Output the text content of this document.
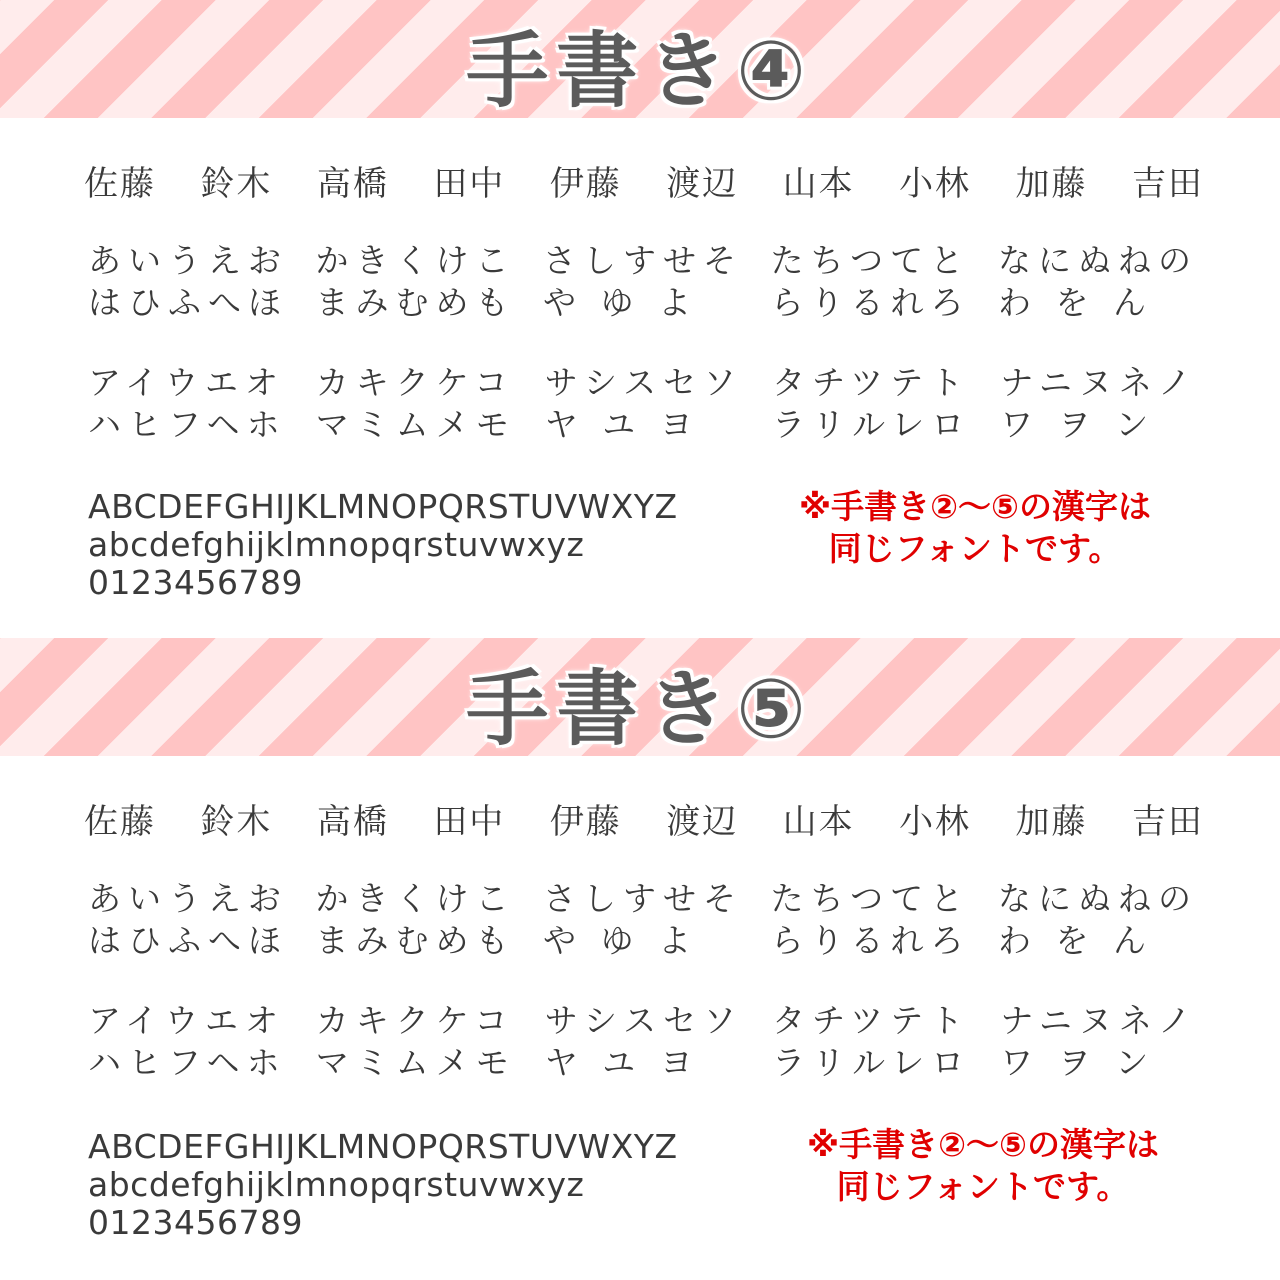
手書き④
佐藤 鈴木 高橋 田中 伊藤 渡辺 山本 小林 加藤 吉田
あいうえお
はひふへほ
かきくけこ
まみむめも
さしすせそ
や ゆ よ
たちつてと
らりるれろ
なにぬねの
わ を ん
アイウエオ
ハヒフヘホ
カキクケコ
マミムメモ
サシスセソ
ヤ ユ ヨ
タチツテト
ラリルレロ
ナニヌネノ
ワ ヲ ン
ABCDEFGHIJKLMNOPQRSTUVWXYZ
abcdefghijklmnopqrstuvwxyz
0123456789
※手書き②～⑤の漢字は
同じフォントです。
手書き⑤
佐藤 鈴木 高橋 田中 伊藤 渡辺 山本 小林 加藤 吉田
あいうえお
はひふへほ
かきくけこ
まみむめも
さしすせそ
や ゆ よ
たちつてと
らりるれろ
なにぬねの
わ を ん
アイウエオ
ハヒフヘホ
カキクケコ
マミムメモ
サシスセソ
ヤ ユ ヨ
タチツテト
ラリルレロ
ナニヌネノ
ワ ヲ ン
ABCDEFGHIJKLMNOPQRSTUVWXYZ
abcdefghijklmnopqrstuvwxyz
0123456789
※手書き②～⑤の漢字は
同じフォントです。
